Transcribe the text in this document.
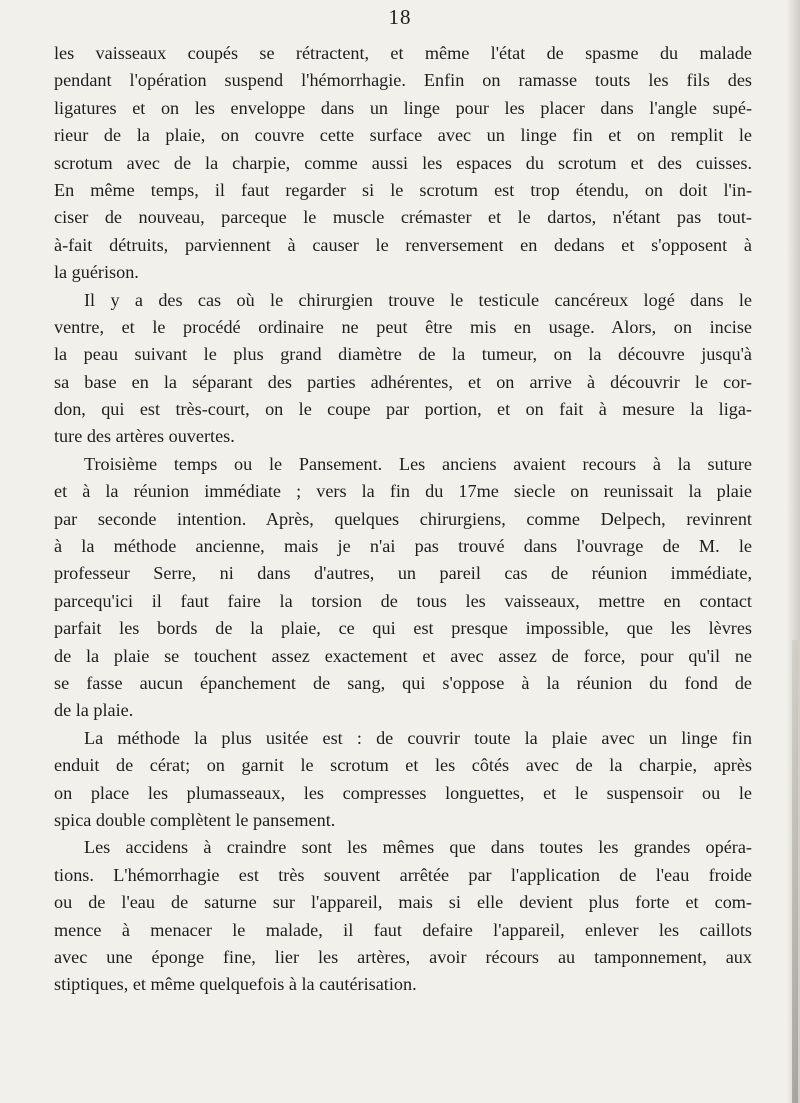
18
les vaisseaux coupés se rétractent, et même l'état de spasme du malade
pendant l'opération suspend l'hémorrhagie. Enfin on ramasse touts les fils des
ligatures et on les enveloppe dans un linge pour les placer dans l'angle supé-
rieur de la plaie, on couvre cette surface avec un linge fin et on remplit le
scrotum avec de la charpie, comme aussi les espaces du scrotum et des cuisses.
En même temps, il faut regarder si le scrotum est trop étendu, on doit l'in-
ciser de nouveau, parceque le muscle crémaster et le dartos, n'étant pas tout-
à-fait détruits, parviennent à causer le renversement en dedans et s'opposent à
la guérison.
Il y a des cas où le chirurgien trouve le testicule cancéreux logé dans le
ventre, et le procédé ordinaire ne peut être mis en usage. Alors, on incise
la peau suivant le plus grand diamètre de la tumeur, on la découvre jusqu'à
sa base en la séparant des parties adhérentes, et on arrive à découvrir le cor-
don, qui est très-court, on le coupe par portion, et on fait à mesure la liga-
ture des artères ouvertes.
Troisième temps ou le Pansement. Les anciens avaient recours à la suture
et à la réunion immédiate ; vers la fin du 17me siecle on reunissait la plaie
par seconde intention. Après, quelques chirurgiens, comme Delpech, revinrent
à la méthode ancienne, mais je n'ai pas trouvé dans l'ouvrage de M. le
professeur Serre, ni dans d'autres, un pareil cas de réunion immédiate,
parcequ'ici il faut faire la torsion de tous les vaisseaux, mettre en contact
parfait les bords de la plaie, ce qui est presque impossible, que les lèvres
de la plaie se touchent assez exactement et avec assez de force, pour qu'il ne
se fasse aucun épanchement de sang, qui s'oppose à la réunion du fond de
de la plaie.
La méthode la plus usitée est : de couvrir toute la plaie avec un linge fin
enduit de cérat; on garnit le scrotum et les côtés avec de la charpie, après
on place les plumasseaux, les compresses longuettes, et le suspensoir ou le
spica double complètent le pansement.
Les accidens à craindre sont les mêmes que dans toutes les grandes opéra-
tions. L'hémorrhagie est très souvent arrêtée par l'application de l'eau froide
ou de l'eau de saturne sur l'appareil, mais si elle devient plus forte et com-
mence à menacer le malade, il faut defaire l'appareil, enlever les caillots
avec une éponge fine, lier les artères, avoir récours au tamponnement, aux
stiptiques, et même quelquefois à la cautérisation.
